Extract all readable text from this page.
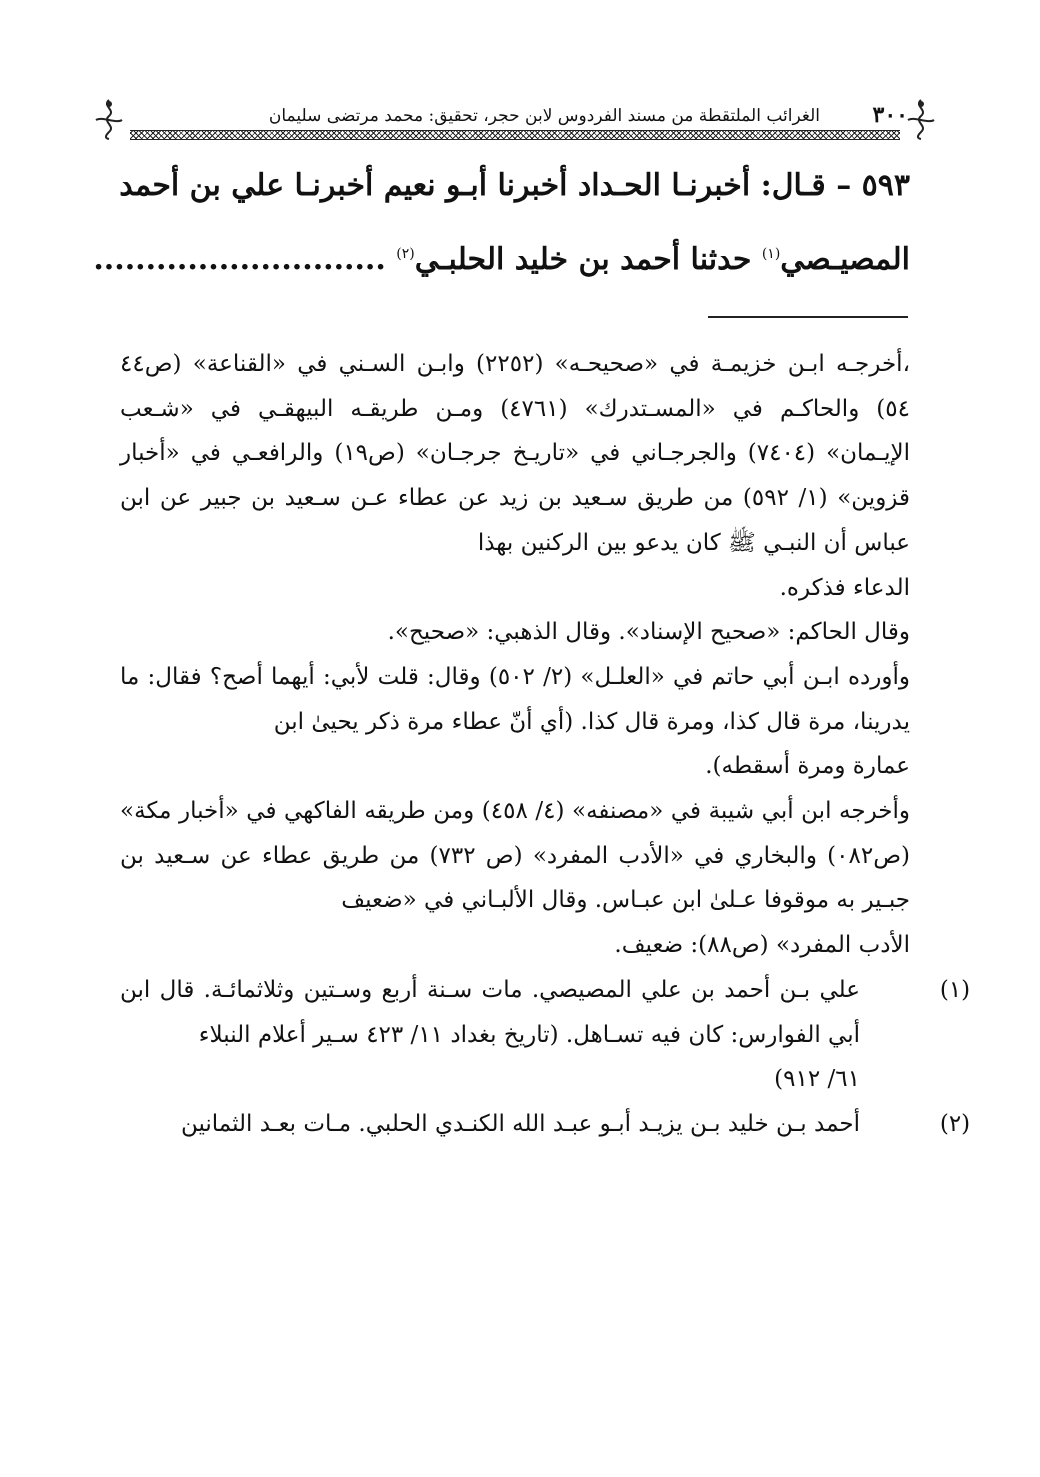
٣٠٠
الغرائب الملتقطة من مسند الفردوس لابن حجر، تحقيق: محمد مرتضى سليمان
٥٩٣ – قـال: أخبرنـا الحـداد أخبرنا أبـو نعيم أخبرنـا علي بن أحمد
المصيـصي$^{(١)}$ حدثنا أحمد بن خليد الحلبـي$^{(٢)}$ ............................

،أخرجـه ابـن خزيمـة في «صحيحـه» (٢٢٥٢) وابـن السـني في «القناعة» (ص٤٤ ٥٤) والحاكـم في «المسـتدرك» (٤٧٦١) ومـن طريقـه البيهقـي في «شـعب الإيـمان» (٧٤٠٤) والجرجـاني في «تاريـخ جرجـان» (ص١٩) والرافعـي في «أخبار قزوين» (١/ ٥٩٢) من طريق سـعيد بن زيد عن عطاء عـن سـعيد بن جبير عن ابن عباس أن النبـي ﷺ كان يدعو بين الركنين بهذا

الدعاء فذكره.

وقال الحاكم: «صحيح الإسناد». وقال الذهبي: «صحيح».

وأورده ابـن أبي حاتم في «العلـل» (٢/ ٥٠٢) وقال: قلت لأبي: أيهما أصح؟ فقال: ما يدرينا، مرة قال كذا، ومرة قال كذا. (أي أنّ عطاء مرة ذكر يحيىٰ ابن

عمارة ومرة أسقطه).

وأخرجه ابن أبي شيبة في «مصنفه» (٤/ ٤٥٨) ومن طريقه الفاكهي في «أخبار مكة» (ص٠٨٢) والبخاري في «الأدب المفرد» (ص ٧٣٢) من طريق عطاء عن سـعيد بن جبـير به موقوفا عـلىٰ ابن عبـاس. وقال الألبـاني في «ضعيف

الأدب المفرد» (ص٨٨): ضعيف.

(١)

علي بـن أحمد بن علي المصيصي. مات سـنة أربع وسـتين وثلاثمائـة. قال ابن أبي الفوارس: كان فيه تسـاهل. (تاريخ بغداد ١١/ ٤٢٣ سـير أعلام النبلاء

٦١/ ٩١٢)

(٢)

أحمد بـن خليد بـن يزيـد أبـو عبـد الله الكنـدي الحلبي. مـات بعـد الثمانين
